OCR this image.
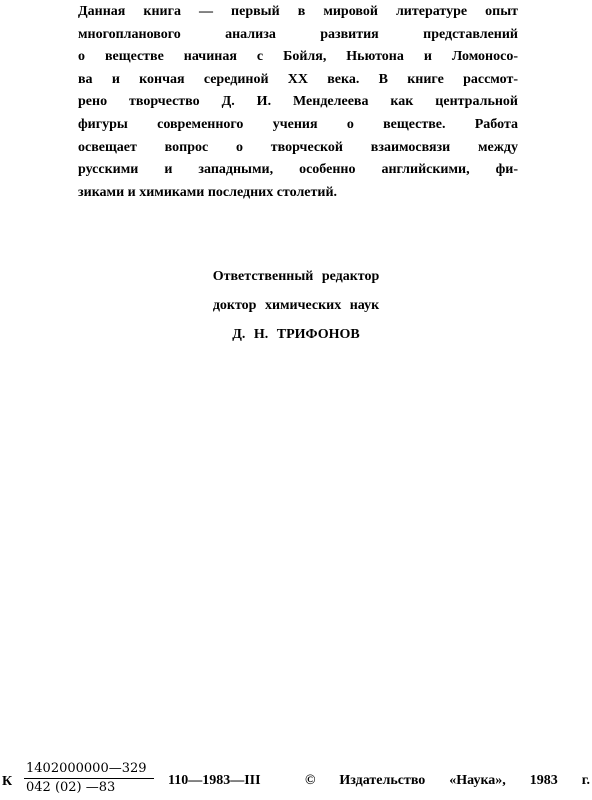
Данная книга — первый в мировой литературе опыт
многопланового анализа развития представлений
о веществе начиная с Бойля, Ньютона и Ломоносо-
ва и кончая серединой XX века. В книге рассмот-
рено творчество Д. И. Менделеева как центральной
фигуры современного учения о веществе. Работа
освещает вопрос о творческой взаимосвязи между
русскими и западными, особенно английскими, фи-
зиками и химиками последних столетий.
Ответственный редактор
доктор химических наук
Д. Н. ТРИФОНОВ
К
1402000000—329
042 (02) —83	110—1983—III	© Издательство «Наука», 1983 г.
